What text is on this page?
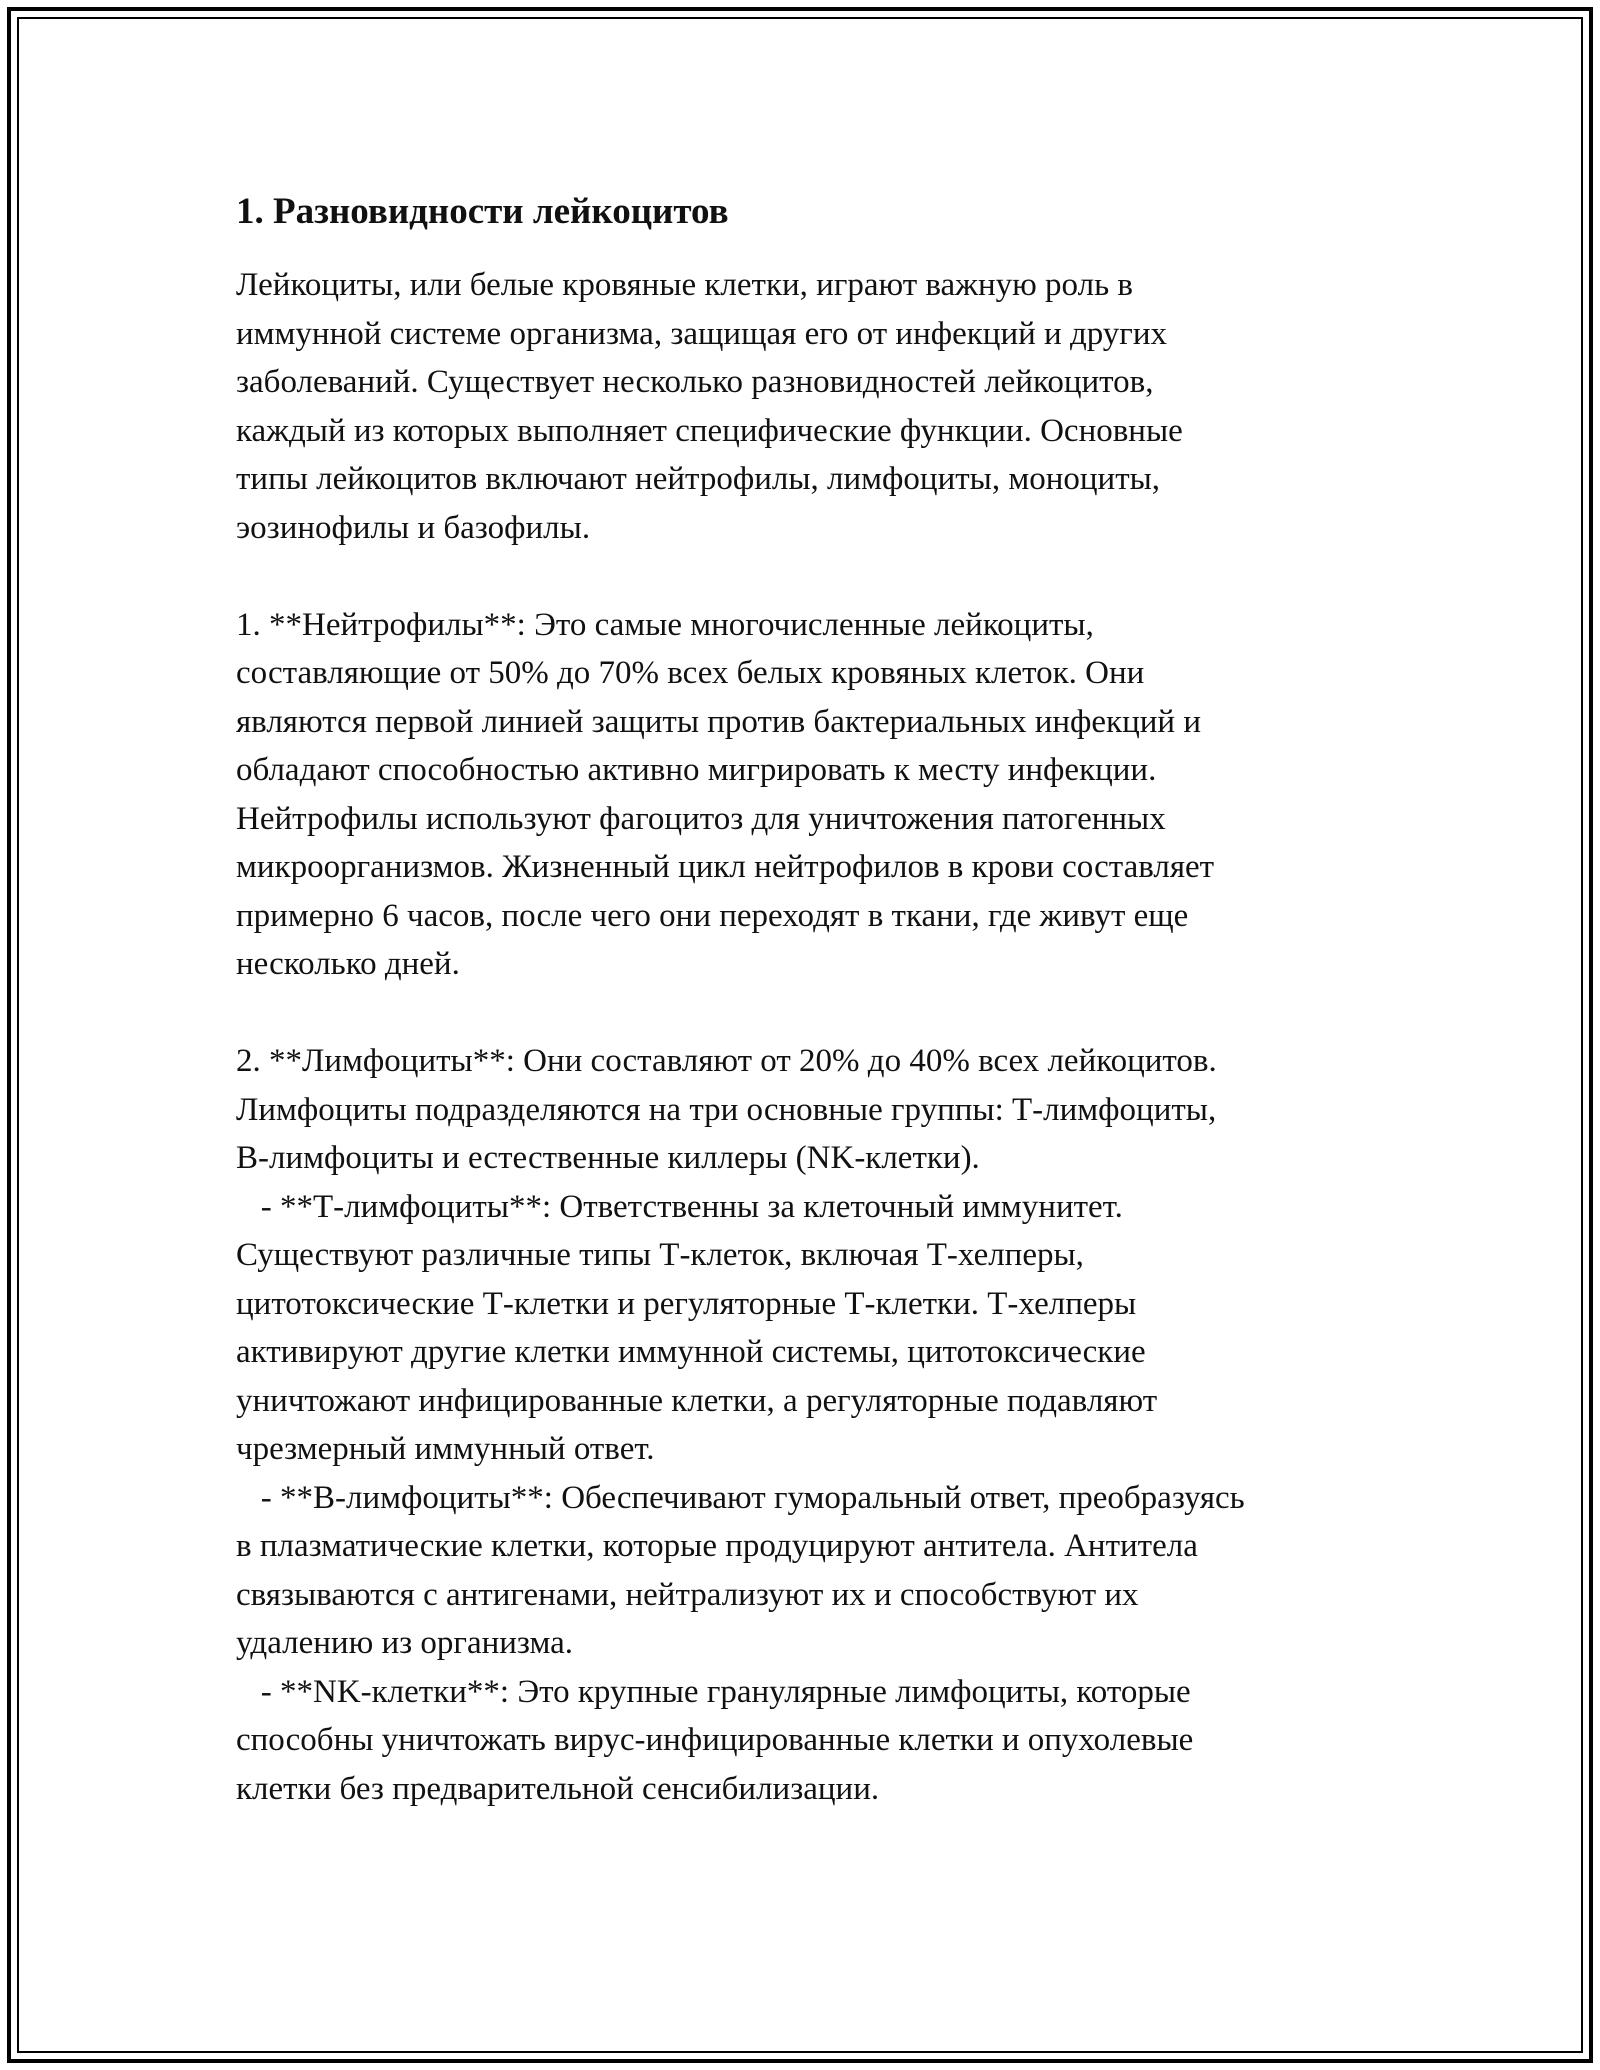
1. Разновидности лейкоцитов
Лейкоциты, или белые кровяные клетки, играют важную роль в
иммунной системе организма, защищая его от инфекций и других
заболеваний. Существует несколько разновидностей лейкоцитов,
каждый из которых выполняет специфические функции. Основные
типы лейкоцитов включают нейтрофилы, лимфоциты, моноциты,
эозинофилы и базофилы.
1. **Нейтрофилы**: Это самые многочисленные лейкоциты,
составляющие от 50% до 70% всех белых кровяных клеток. Они
являются первой линией защиты против бактериальных инфекций и
обладают способностью активно мигрировать к месту инфекции.
Нейтрофилы используют фагоцитоз для уничтожения патогенных
микроорганизмов. Жизненный цикл нейтрофилов в крови составляет
примерно 6 часов, после чего они переходят в ткани, где живут еще
несколько дней.
2. **Лимфоциты**: Они составляют от 20% до 40% всех лейкоцитов.
Лимфоциты подразделяются на три основные группы: Т-лимфоциты,
В-лимфоциты и естественные киллеры (NK-клетки).
- **Т-лимфоциты**: Ответственны за клеточный иммунитет.
Существуют различные типы Т-клеток, включая Т-хелперы,
цитотоксические Т-клетки и регуляторные Т-клетки. Т-хелперы
активируют другие клетки иммунной системы, цитотоксические
уничтожают инфицированные клетки, а регуляторные подавляют
чрезмерный иммунный ответ.
- **В-лимфоциты**: Обеспечивают гуморальный ответ, преобразуясь
в плазматические клетки, которые продуцируют антитела. Антитела
связываются с антигенами, нейтрализуют их и способствуют их
удалению из организма.
- **NK-клетки**: Это крупные гранулярные лимфоциты, которые
способны уничтожать вирус-инфицированные клетки и опухолевые
клетки без предварительной сенсибилизации.
